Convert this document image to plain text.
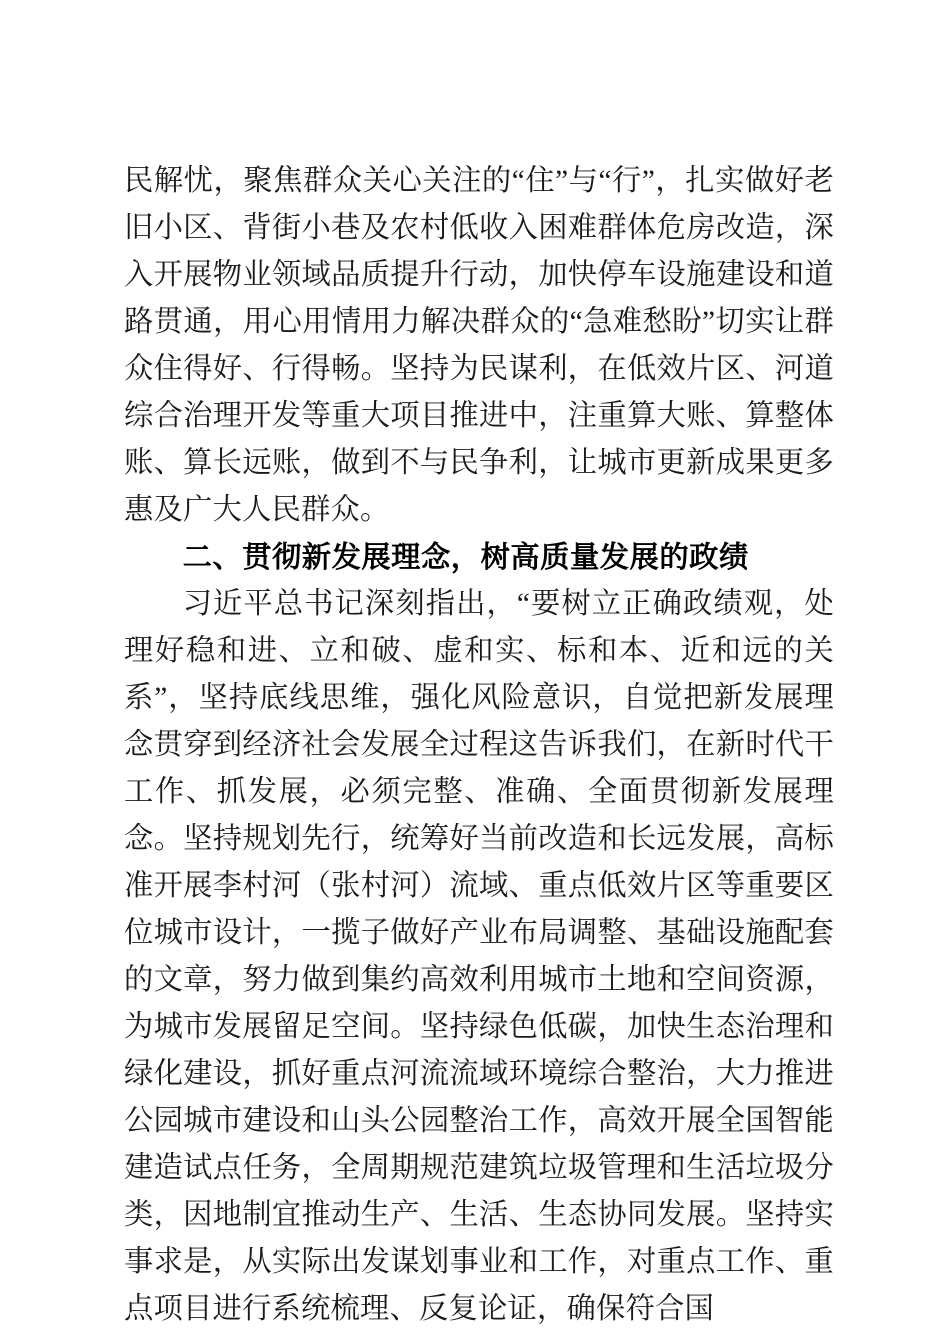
民解忧，聚焦群众关心关注的“住”与“行”，扎实做好老旧小区、背街小巷及农村低收入困难群体危房改造，深入开展物业领域品质提升行动，加快停车设施建设和道路贯通，用心用情用力解决群众的“急难愁盼”切实让群众住得好、行得畅。坚持为民谋利，在低效片区、河道综合治理开发等重大项目推进中，注重算大账、算整体账、算长远账，做到不与民争利，让城市更新成果更多惠及广大人民群众。

二、贯彻新发展理念，树高质量发展的政绩

习近平总书记深刻指出，“要树立正确政绩观，处理好稳和进、立和破、虚和实、标和本、近和远的关系”，坚持底线思维，强化风险意识，自觉把新发展理念贯穿到经济社会发展全过程这告诉我们，在新时代干工作、抓发展，必须完整、准确、全面贯彻新发展理念。坚持规划先行，统筹好当前改造和长远发展，高标准开展李村河（张村河）流域、重点低效片区等重要区位城市设计，一揽子做好产业布局调整、基础设施配套的文章，努力做到集约高效利用城市土地和空间资源，为城市发展留足空间。坚持绿色低碳，加快生态治理和绿化建设，抓好重点河流流域环境综合整治，大力推进公园城市建设和山头公园整治工作，高效开展全国智能建造试点任务，全周期规范建筑垃圾管理和生活垃圾分类，因地制宜推动生产、生活、生态协同发展。坚持实事求是，从实际出发谋划事业和工作，对重点工作、重点项目进行系统梳理、反复论证，确保符合国
